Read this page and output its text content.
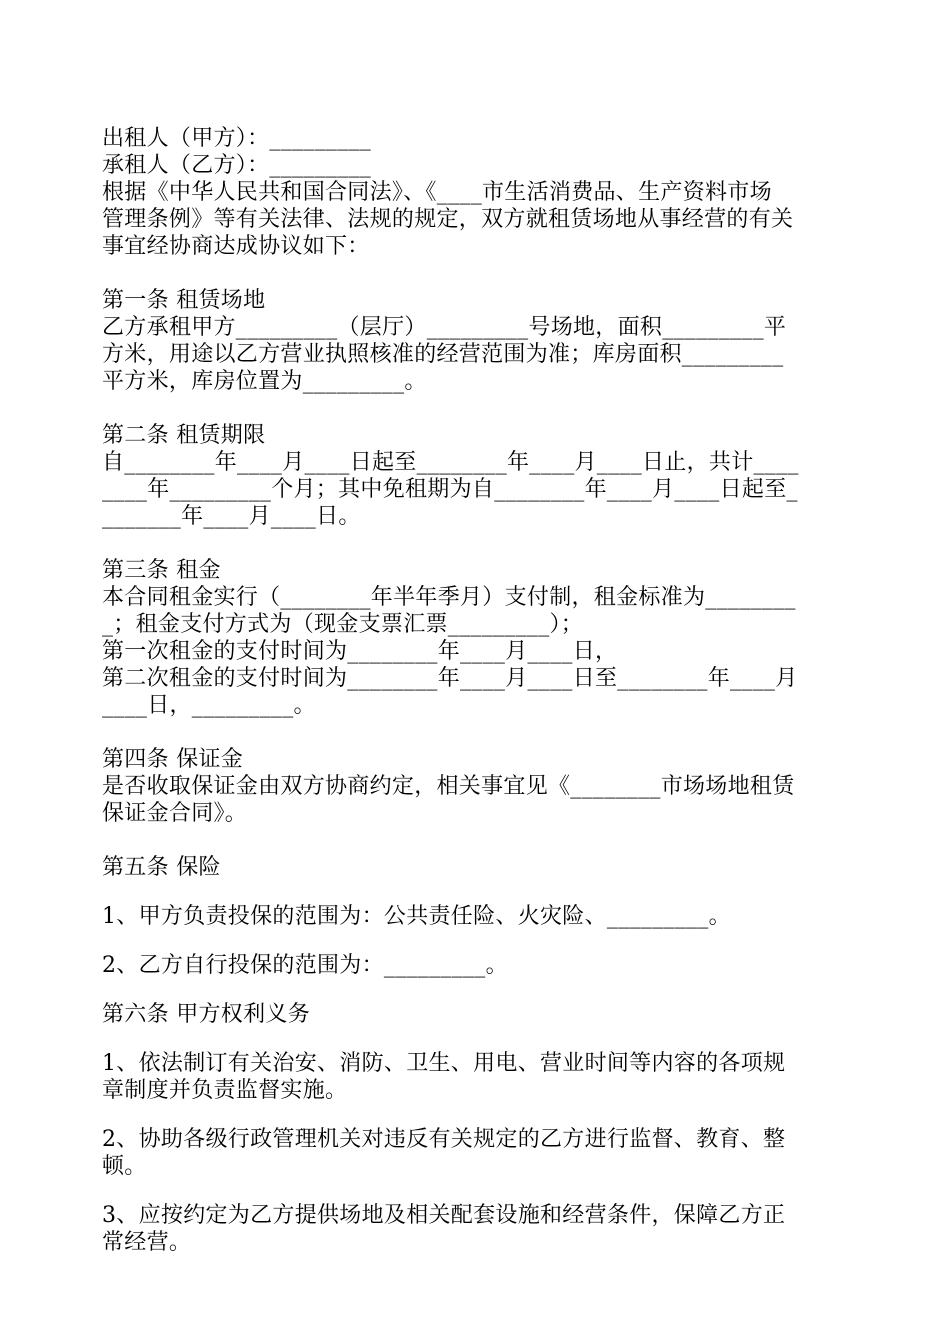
出租人（甲方）：_________
承租人（乙方）：_________
根据《中华人民共和国合同法》、《____市生活消费品、生产资料市场
管理条例》等有关法律、法规的规定，双方就租赁场地从事经营的有关
事宜经协商达成协议如下：
第一条 租赁场地
乙方承租甲方_________（层厅）_________号场地，面积_________平
方米，用途以乙方营业执照核准的经营范围为准；库房面积_________
平方米，库房位置为_________。
第二条 租赁期限
自________年____月____日起至________年____月____日止，共计____
____年_________个月；其中免租期为自________年____月____日起至_
_______年____月____日。
第三条 租金
本合同租金实行（________年半年季月）支付制，租金标准为________
_；租金支付方式为（现金支票汇票_________）；
第一次租金的支付时间为________年____月____日，
第二次租金的支付时间为________年____月____日至________年____月
____日，_________。
第四条 保证金
是否收取保证金由双方协商约定，相关事宜见《________市场场地租赁
保证金合同》。
第五条 保险
1、甲方负责投保的范围为：公共责任险、火灾险、_________。
2、乙方自行投保的范围为：_________。
第六条 甲方权利义务
1、依法制订有关治安、消防、卫生、用电、营业时间等内容的各项规
章制度并负责监督实施。
2、协助各级行政管理机关对违反有关规定的乙方进行监督、教育、整
顿。
3、应按约定为乙方提供场地及相关配套设施和经营条件，保障乙方正
常经营。
